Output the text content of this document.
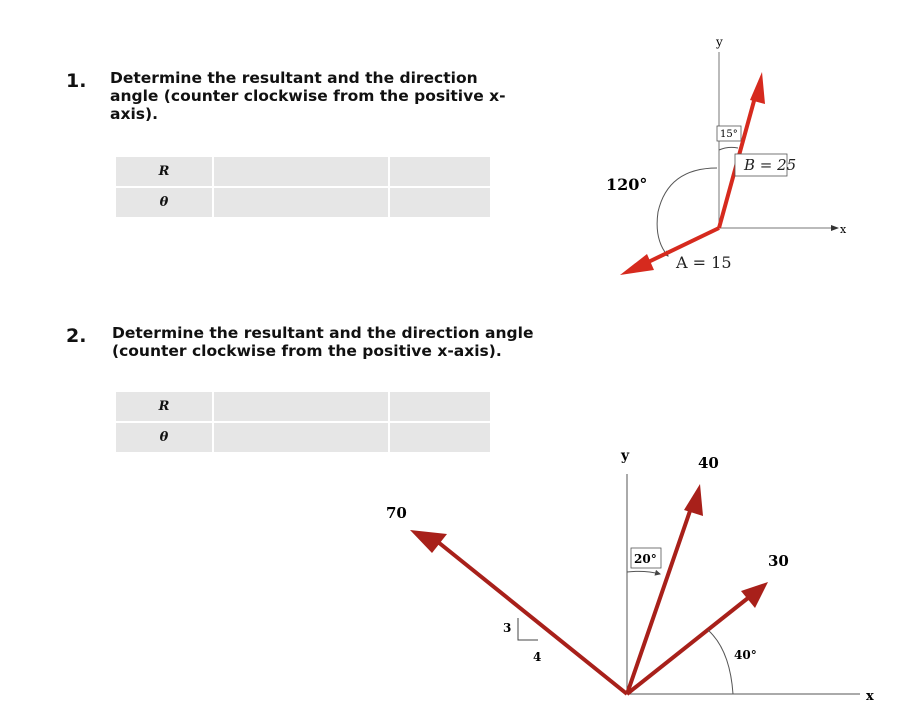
1. Determine the resultant and the direction
angle (counter clockwise from the positive x-
axis).
R		
θ		
2. Determine the resultant and the direction angle
(counter clockwise from the positive x-axis).
R		
θ		
y
x
15°
B = 25
120°
A = 15
y
x
70
3
4
40
20°	30
40°
